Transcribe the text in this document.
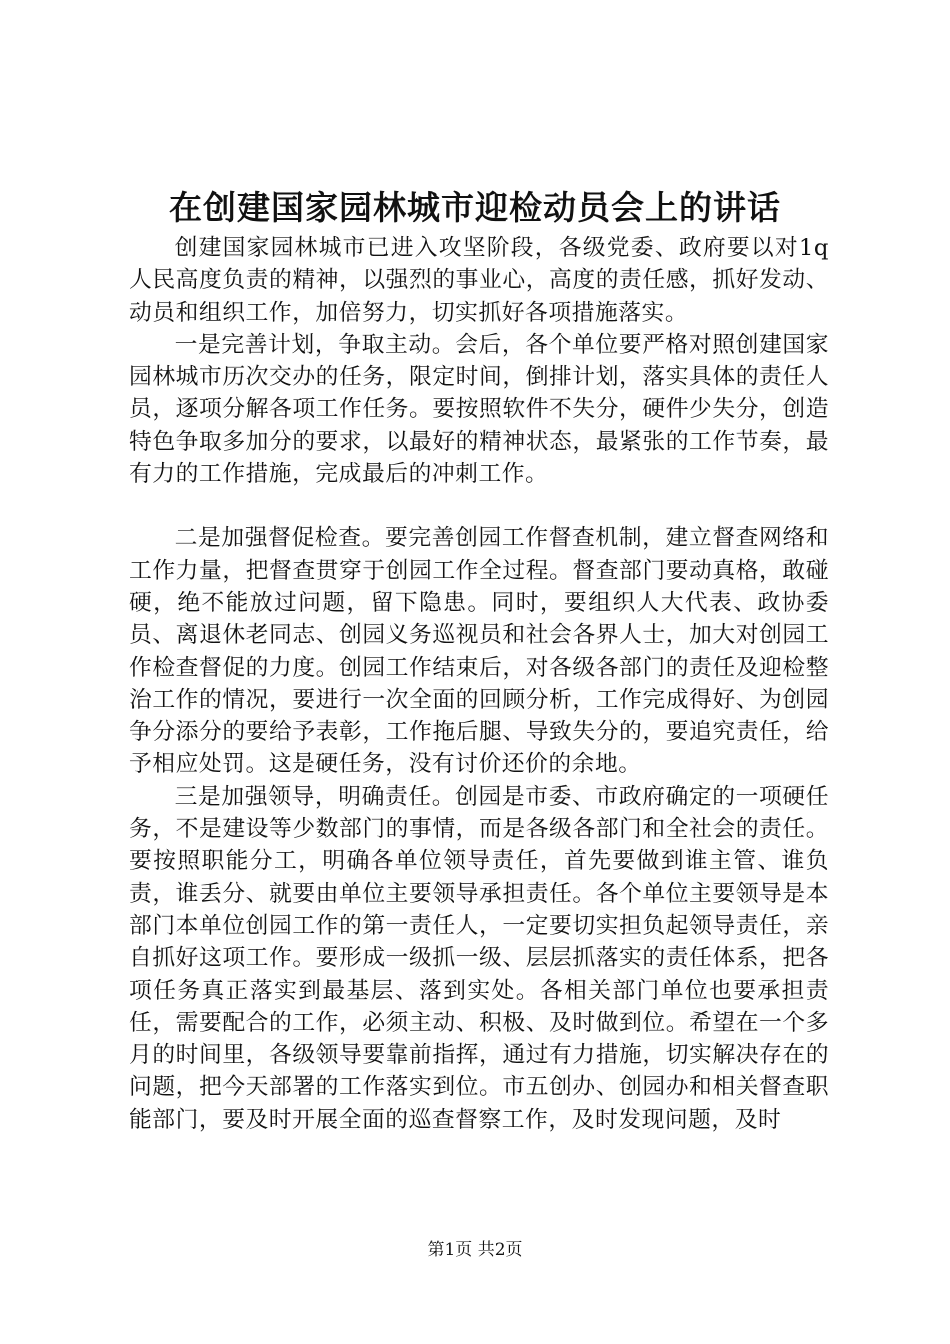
在创建国家园林城市迎检动员会上的讲话

创建国家园林城市已进入攻坚阶段，各级党委、政府要以对1q人民高度负责的精神，以强烈的事业心，高度的责任感，抓好发动、动员和组织工作，加倍努力，切实抓好各项措施落实。

一是完善计划，争取主动。会后，各个单位要严格对照创建国家园林城市历次交办的任务，限定时间，倒排计划，落实具体的责任人员，逐项分解各项工作任务。要按照软件不失分，硬件少失分，创造特色争取多加分的要求，以最好的精神状态，最紧张的工作节奏，最有力的工作措施，完成最后的冲刺工作。

二是加强督促检查。要完善创园工作督查机制，建立督查网络和工作力量，把督查贯穿于创园工作全过程。督查部门要动真格，敢碰硬，绝不能放过问题，留下隐患。同时，要组织人大代表、政协委员、离退休老同志、创园义务巡视员和社会各界人士，加大对创园工作检查督促的力度。创园工作结束后，对各级各部门的责任及迎检整治工作的情况，要进行一次全面的回顾分析，工作完成得好、为创园争分添分的要给予表彰，工作拖后腿、导致失分的，要追究责任，给予相应处罚。这是硬任务，没有讨价还价的余地。

三是加强领导，明确责任。创园是市委、市政府确定的一项硬任务，不是建设等少数部门的事情，而是各级各部门和全社会的责任。要按照职能分工，明确各单位领导责任，首先要做到谁主管、谁负责，谁丢分、就要由单位主要领导承担责任。各个单位主要领导是本部门本单位创园工作的第一责任人，一定要切实担负起领导责任，亲自抓好这项工作。要形成一级抓一级、层层抓落实的责任体系，把各项任务真正落实到最基层、落到实处。各相关部门单位也要承担责任，需要配合的工作，必须主动、积极、及时做到位。希望在一个多月的时间里，各级领导要靠前指挥，通过有力措施，切实解决存在的问题，把今天部署的工作落实到位。市五创办、创园办和相关督查职能部门，要及时开展全面的巡查督察工作，及时发现问题，及时

第1页 共2页
